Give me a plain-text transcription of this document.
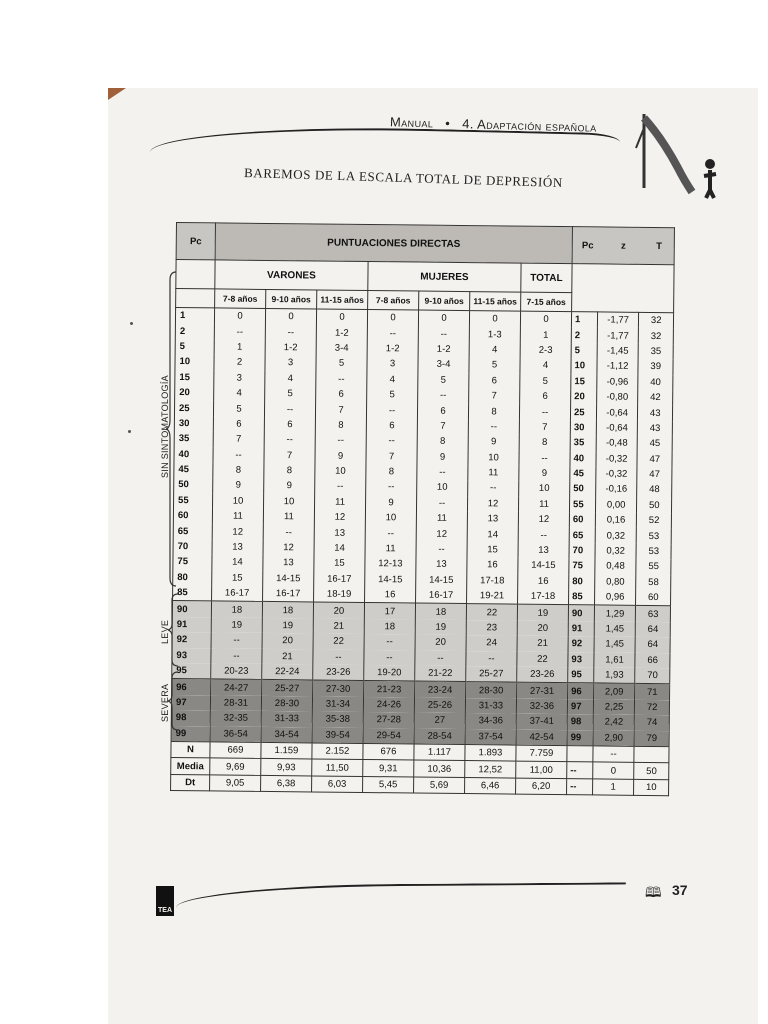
Manual • 4. Adaptación española
BAREMOS DE LA ESCALA TOTAL DE DEPRESIÓN
Pc	PUNTUACIONES DIRECTAS							Pc z T		
	VARONES			MUJERES			TOTAL			
	7-8 años	9-10 años	11-15 años	7-8 años	9-10 años	11-15 años	7-15 años			
1	0	0	0	0	0	0	0	1	-1,77	32
2	--	--	1-2	--	--	1-3	1	2	-1,77	32
5	1	1-2	3-4	1-2	1-2	4	2-3	5	-1,45	35
10	2	3	5	3	3-4	5	4	10	-1,12	39
15	3	4	--	4	5	6	5	15	-0,96	40
20	4	5	6	5	--	7	6	20	-0,80	42
25	5	--	7	--	6	8	--	25	-0,64	43
30	6	6	8	6	7	--	7	30	-0,64	43
35	7	--	--	--	8	9	8	35	-0,48	45
40	--	7	9	7	9	10	--	40	-0,32	47
45	8	8	10	8	--	11	9	45	-0,32	47
50	9	9	--	--	10	--	10	50	-0,16	48
55	10	10	11	9	--	12	11	55	0,00	50
60	11	11	12	10	11	13	12	60	0,16	52
65	12	--	13	--	12	14	--	65	0,32	53
70	13	12	14	11	--	15	13	70	0,32	53
75	14	13	15	12-13	13	16	14-15	75	0,48	55
80	15	14-15	16-17	14-15	14-15	17-18	16	80	0,80	58
85	16-17	16-17	18-19	16	16-17	19-21	17-18	85	0,96	60
90	18	18	20	17	18	22	19	90	1,29	63
91	19	19	21	18	19	23	20	91	1,45	64
92	--	20	22	--	20	24	21	92	1,45	64
93	--	21	--	--	--	--	22	93	1,61	66
95	20-23	22-24	23-26	19-20	21-22	25-27	23-26	95	1,93	70
96	24-27	25-27	27-30	21-23	23-24	28-30	27-31	96	2,09	71
97	28-31	28-30	31-34	24-26	25-26	31-33	32-36	97	2,25	72
98	32-35	31-33	35-38	27-28	27	34-36	37-41	98	2,42	74
99	36-54	34-54	39-54	29-54	28-54	37-54	42-54	99	2,90	79
N	669	1.159	2.152	676	1.117	1.893	7.759		--	
Media	9,69	9,93	11,50	9,31	10,36	12,52	11,00	--	0	50
Dt	9,05	6,38	6,03	5,45	5,69	6,46	6,20	--	1	10
SIN SINTOMATOLOGÍA
LEVE
SEVERA
TEA
🕮 37
